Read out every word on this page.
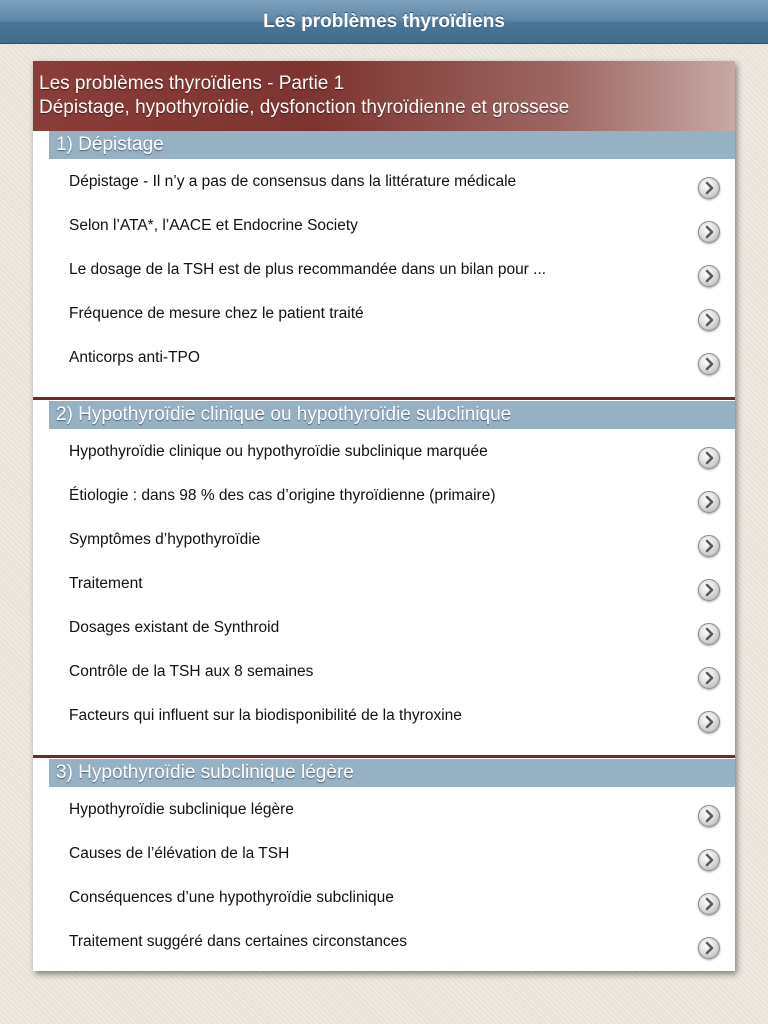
Les problèmes thyroïdiens
Les problèmes thyroïdiens - Partie 1
Dépistage, hypothyroïdie, dysfonction thyroïdienne et grossese
1) Dépistage
Dépistage - Il n’y a pas de consensus dans la littérature médicale
Selon l’ATA*, l’AACE et Endocrine Society
Le dosage de la TSH est de plus recommandée dans un bilan pour ...
Fréquence de mesure chez le patient traité
Anticorps anti-TPO
2) Hypothyroïdie clinique ou hypothyroïdie subclinique
Hypothyroïdie clinique ou hypothyroïdie subclinique marquée
Étiologie : dans 98 % des cas d’origine thyroïdienne (primaire)
Symptômes d’hypothyroïdie
Traitement
Dosages existant de Synthroid
Contrôle de la TSH aux 8 semaines
Facteurs qui influent sur la biodisponibilité de la thyroxine
3) Hypothyroïdie subclinique légère
Hypothyroïdie subclinique légère
Causes de l’élévation de la TSH
Conséquences d’une hypothyroïdie subclinique
Traitement suggéré dans certaines circonstances
